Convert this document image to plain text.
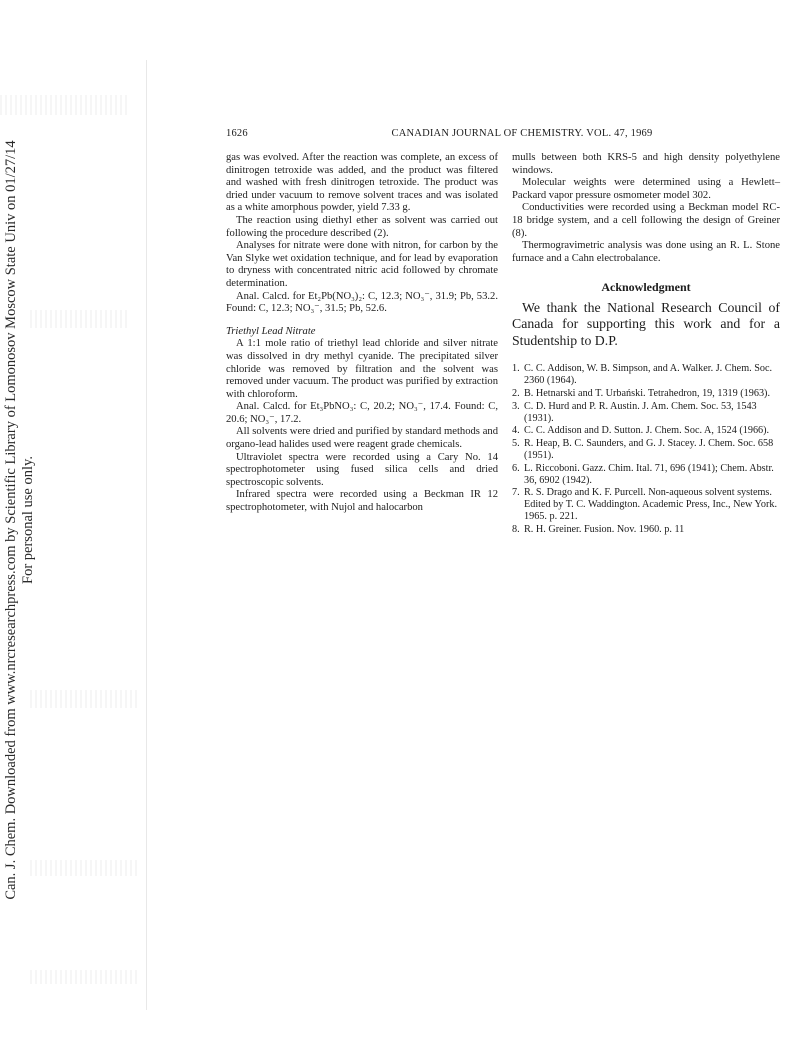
Can. J. Chem. Downloaded from www.nrcresearchpress.com by Scientific Library of Lomonosov Moscow State Univ on 01/27/14 For personal use only.
1626	CANADIAN JOURNAL OF CHEMISTRY. VOL. 47, 1969

gas was evolved. After the reaction was complete, an excess of dinitrogen tetroxide was added, and the product was filtered and washed with fresh dinitrogen tetroxide. The product was dried under vacuum to remove solvent traces and was isolated as a white amorphous powder, yield 7.33 g.

The reaction using diethyl ether as solvent was carried out following the procedure described (2).

Analyses for nitrate were done with nitron, for carbon by the Van Slyke wet oxidation technique, and for lead by evaporation to dryness with concentrated nitric acid followed by chromate determination.

Anal. Calcd. for Et₂Pb(NO₃)₂: C, 12.3; NO₃⁻, 31.9; Pb, 53.2. Found: C, 12.3; NO₃⁻, 31.5; Pb, 52.6.

Triethyl Lead Nitrate

A 1:1 mole ratio of triethyl lead chloride and silver nitrate was dissolved in dry methyl cyanide. The precipitated silver chloride was removed by filtration and the solvent was removed under vacuum. The product was purified by extraction with chloroform.

Anal. Calcd. for Et₃PbNO₃: C, 20.2; NO₃⁻, 17.4. Found: C, 20.6; NO₃⁻, 17.2.

All solvents were dried and purified by standard methods and organo-lead halides used were reagent grade chemicals.

Ultraviolet spectra were recorded using a Cary No. 14 spectrophotometer using fused silica cells and dried spectroscopic solvents.

Infrared spectra were recorded using a Beckman IR 12 spectrophotometer, with Nujol and halocarbon

mulls between both KRS-5 and high density polyethylene windows.

Molecular weights were determined using a Hewlett–Packard vapor pressure osmometer model 302.

Conductivities were recorded using a Beckman model RC-18 bridge system, and a cell following the design of Greiner (8).

Thermogravimetric analysis was done using an R. L. Stone furnace and a Cahn electrobalance.

Acknowledgment

We thank the National Research Council of Canada for supporting this work and for a Studentship to D.P.

1. C. C. Addison, W. B. Simpson, and A. Walker. J. Chem. Soc. 2360 (1964).
2. B. Hetnarski and T. Urbański. Tetrahedron, 19, 1319 (1963).
3. C. D. Hurd and P. R. Austin. J. Am. Chem. Soc. 53, 1543 (1931).
4. C. C. Addison and D. Sutton. J. Chem. Soc. A, 1524 (1966).
5. R. Heap, B. C. Saunders, and G. J. Stacey. J. Chem. Soc. 658 (1951).
6. L. Riccoboni. Gazz. Chim. Ital. 71, 696 (1941); Chem. Abstr. 36, 6902 (1942).
7. R. S. Drago and K. F. Purcell. Non-aqueous solvent systems. Edited by T. C. Waddington. Academic Press, Inc., New York. 1965. p. 221.
8. R. H. Greiner. Fusion. Nov. 1960. p. 11
